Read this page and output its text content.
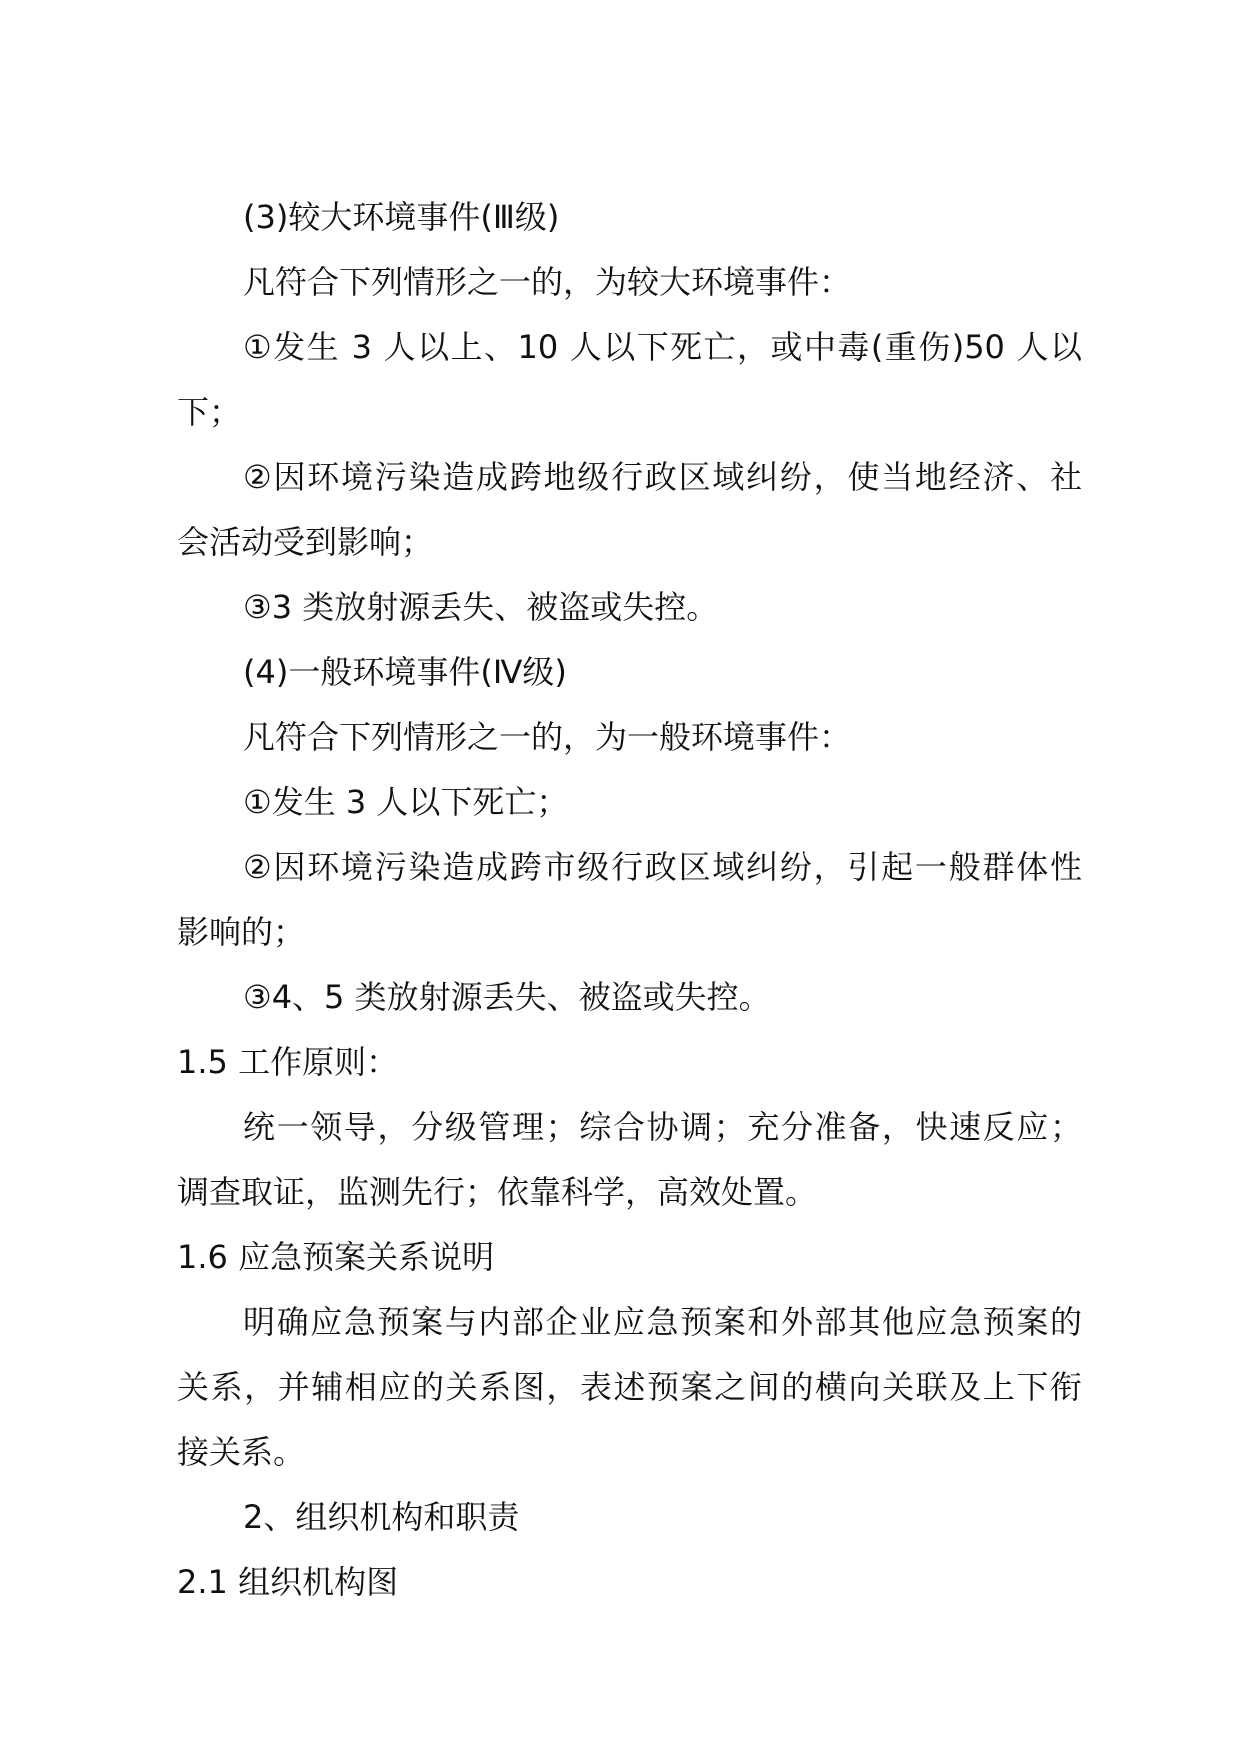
(3)较大环境事件(Ⅲ级)
凡符合下列情形之一的，为较大环境事件：
①发生 3 人以上、10 人以下死亡，或中毒(重伤)50 人以
下；
②因环境污染造成跨地级行政区域纠纷，使当地经济、社
会活动受到影响；
③3 类放射源丢失、被盗或失控。
(4)一般环境事件(Ⅳ级)
凡符合下列情形之一的，为一般环境事件：
①发生 3 人以下死亡；
②因环境污染造成跨市级行政区域纠纷，引起一般群体性
影响的；
③4、5 类放射源丢失、被盗或失控。
1.5 工作原则：
统一领导，分级管理；综合协调；充分准备，快速反应；
调查取证，监测先行；依靠科学，高效处置。
1.6 应急预案关系说明
明确应急预案与内部企业应急预案和外部其他应急预案的
关系，并辅相应的关系图，表述预案之间的横向关联及上下衔
接关系。
2、组织机构和职责
2.1 组织机构图
